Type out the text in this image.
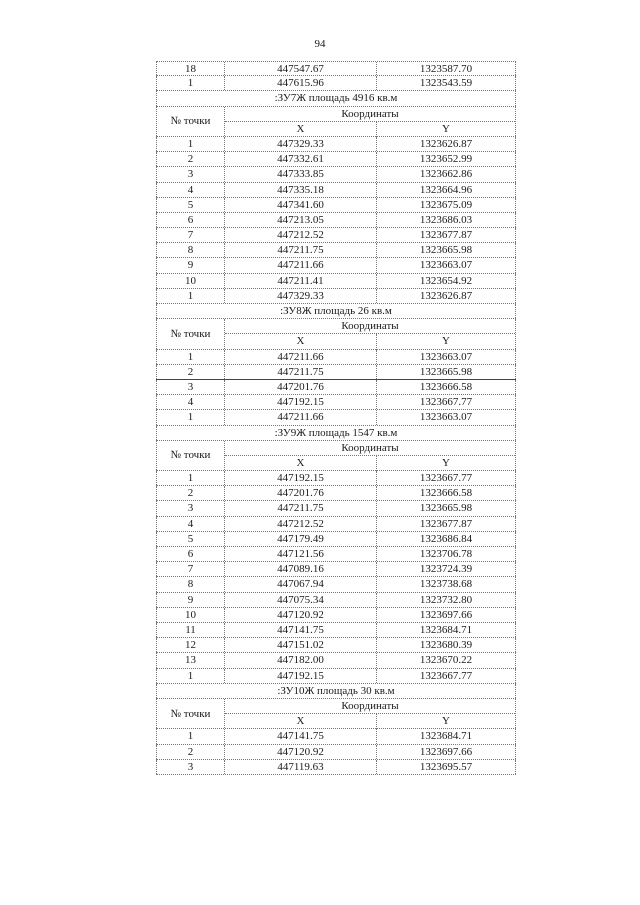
94
18	447547.67	1323587.70
1	447615.96	1323543.59
:ЗУ7Ж площадь 4916 кв.м
№ точки
Координаты
X	Y
1	447329.33	1323626.87
2	447332.61	1323652.99
3	447333.85	1323662.86
4	447335.18	1323664.96
5	447341.60	1323675.09
6	447213.05	1323686.03
7	447212.52	1323677.87
8	447211.75	1323665.98
9	447211.66	1323663.07
10	447211.41	1323654.92
1	447329.33	1323626.87
:ЗУ8Ж площадь 26 кв.м
№ точки
Координаты
X	Y
1	447211.66	1323663.07
2	447211.75	1323665.98
3	447201.76	1323666.58
4	447192.15	1323667.77
1	447211.66	1323663.07
:ЗУ9Ж площадь 1547 кв.м
№ точки
Координаты
X	Y
1	447192.15	1323667.77
2	447201.76	1323666.58
3	447211.75	1323665.98
4	447212.52	1323677.87
5	447179.49	1323686.84
6	447121.56	1323706.78
7	447089.16	1323724.39
8	447067.94	1323738.68
9	447075.34	1323732.80
10	447120.92	1323697.66
11	447141.75	1323684.71
12	447151.02	1323680.39
13	447182.00	1323670.22
1	447192.15	1323667.77
:ЗУ10Ж площадь 30 кв.м
№ точки
Координаты
X	Y
1	447141.75	1323684.71
2	447120.92	1323697.66
3	447119.63	1323695.57
